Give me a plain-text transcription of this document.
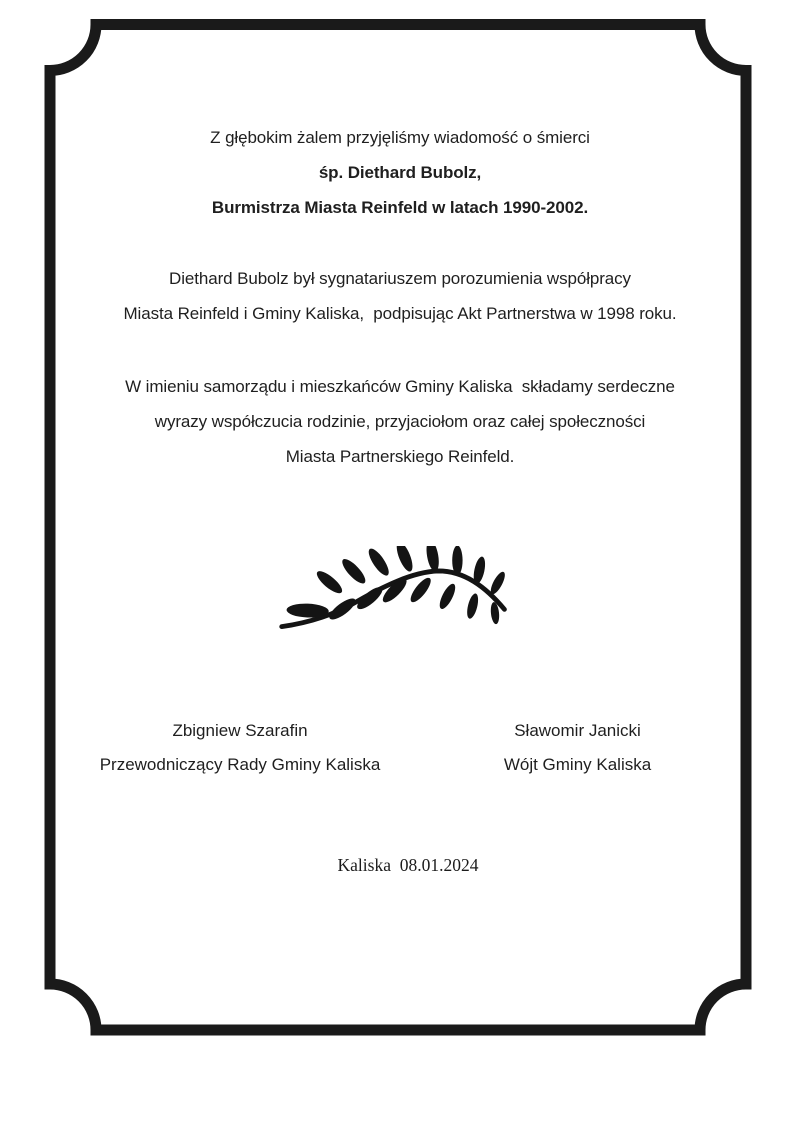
Z głębokim żalem przyjęliśmy wiadomość o śmierci
śp. Diethard Bubolz,
Burmistrza Miasta Reinfeld w latach 1990-2002.
Diethard Bubolz był sygnatariuszem porozumienia współpracy
Miasta Reinfeld i Gminy Kaliska,  podpisując Akt Partnerstwa w 1998 roku.
W imieniu samorządu i mieszkańców Gminy Kaliska  składamy serdeczne
wyrazy współczucia rodzinie, przyjaciołom oraz całej społeczności
Miasta Partnerskiego Reinfeld.
Zbigniew Szarafin
Przewodniczący Rady Gminy Kaliska
Sławomir Janicki
Wójt Gminy Kaliska
Kaliska  08.01.2024
